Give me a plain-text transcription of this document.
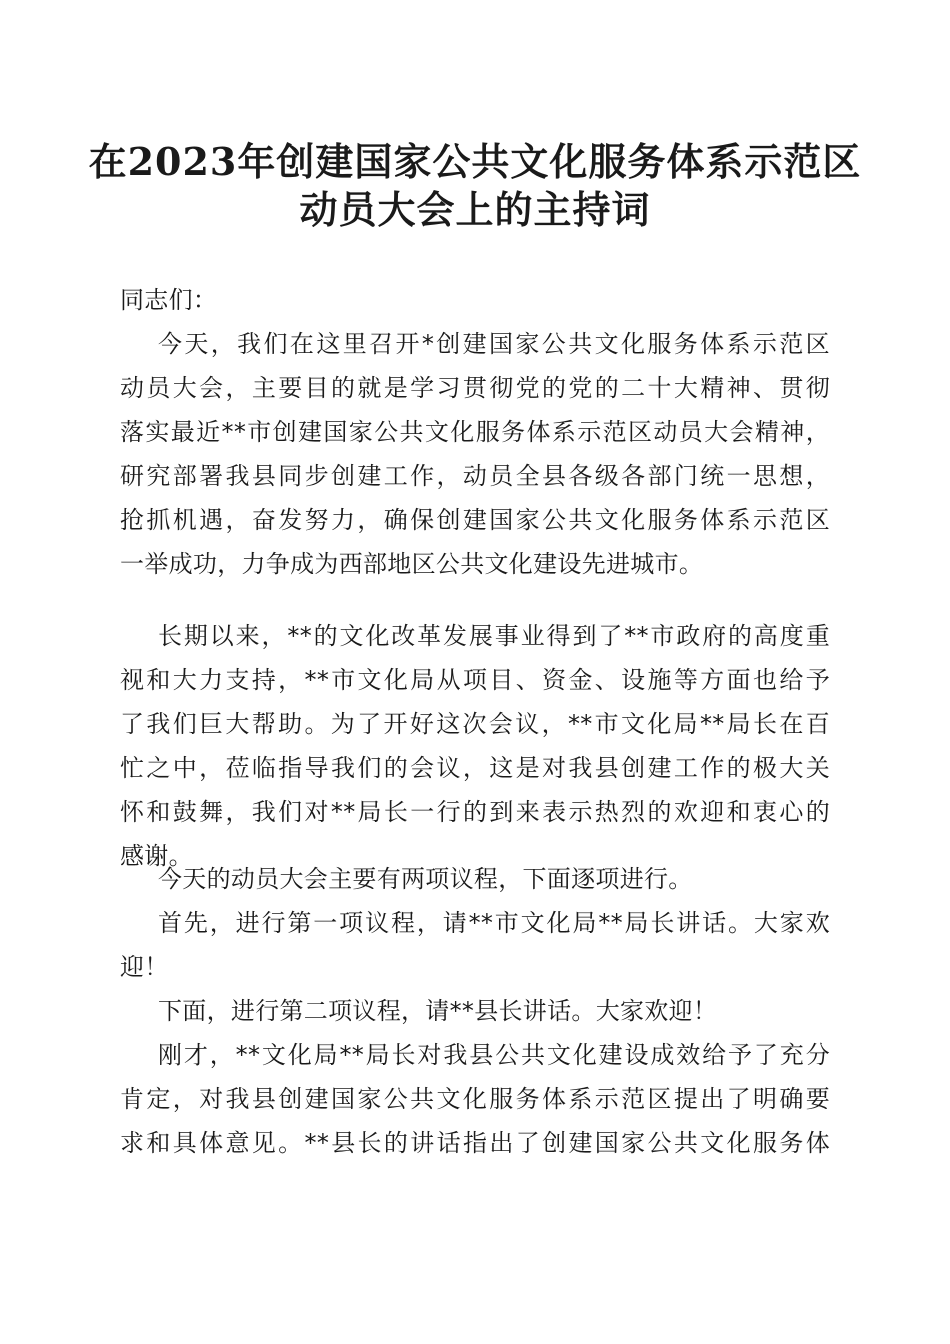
在2023年创建国家公共文化服务体系示范区
动员大会上的主持词
同志们：
今天，我们在这里召开*创建国家公共文化服务体系示范区
动员大会，主要目的就是学习贯彻党的党的二十大精神、贯彻
落实最近**市创建国家公共文化服务体系示范区动员大会精神，
研究部署我县同步创建工作，动员全县各级各部门统一思想，
抢抓机遇，奋发努力，确保创建国家公共文化服务体系示范区
一举成功，力争成为西部地区公共文化建设先进城市。
长期以来，**的文化改革发展事业得到了**市政府的高度重
视和大力支持，**市文化局从项目、资金、设施等方面也给予
了我们巨大帮助。为了开好这次会议，**市文化局**局长在百
忙之中，莅临指导我们的会议，这是对我县创建工作的极大关
怀和鼓舞，我们对**局长一行的到来表示热烈的欢迎和衷心的
感谢。
今天的动员大会主要有两项议程，下面逐项进行。
首先，进行第一项议程，请**市文化局**局长讲话。大家欢
迎！
下面，进行第二项议程，请**县长讲话。大家欢迎！
刚才，**文化局**局长对我县公共文化建设成效给予了充分
肯定，对我县创建国家公共文化服务体系示范区提出了明确要
求和具体意见。**县长的讲话指出了创建国家公共文化服务体
